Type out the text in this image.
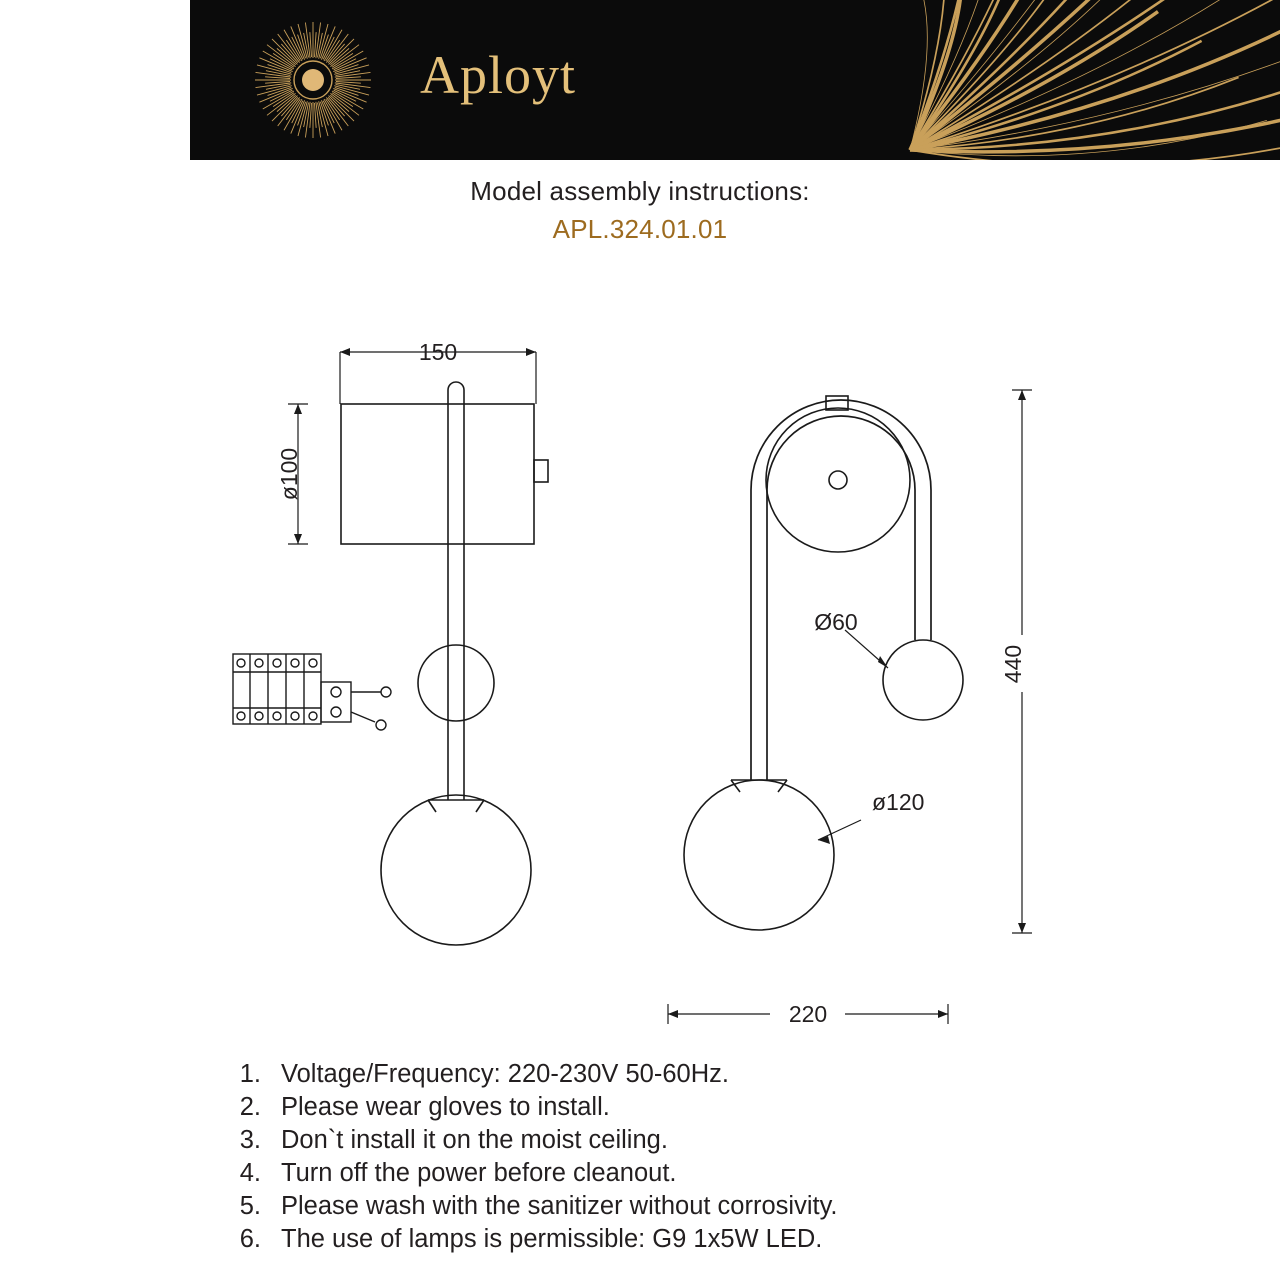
Aployt
Model assembly instructions:
APL.324.01.01
150
ø100
Ø60
ø120
440
220
1. Voltage/Frequency: 220-230V 50-60Hz.
2. Please wear gloves to install.
3. Don`t install it on the moist ceiling.
4. Turn off the power before cleanout.
5. Please wash with the sanitizer without corrosivity.
6. The use of lamps is permissible: G9 1x5W LED.
